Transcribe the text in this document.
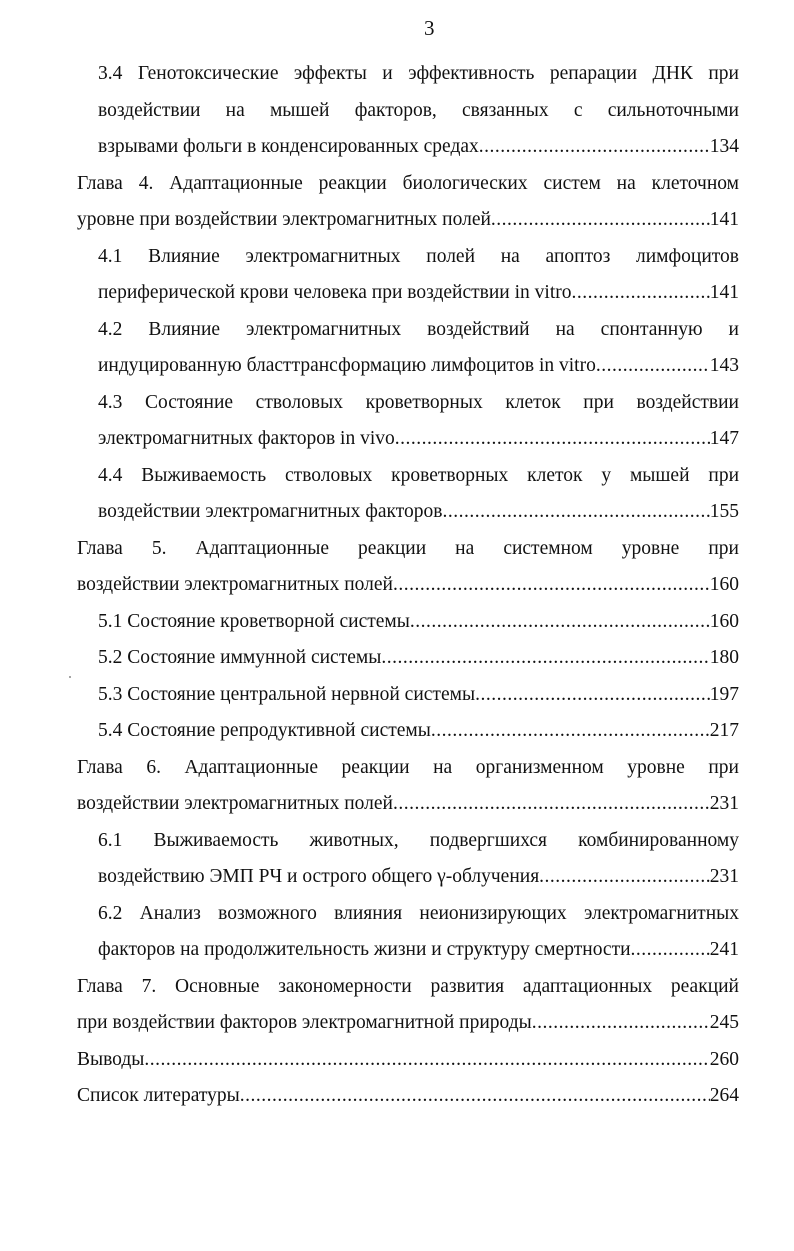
3
3.4 Генотоксические эффекты и эффективность репарации ДНК при
воздействии на мышей факторов, связанных с сильноточными
взрывами фольги в конденсированных средах .....	134
Глава 4. Адаптационные реакции биологических систем на клеточном
уровне при воздействии электромагнитных полей .....	141
4.1 Влияние электромагнитных полей на апоптоз лимфоцитов
периферической крови человека при воздействии in vitro .....	141
4.2 Влияние электромагнитных воздействий на спонтанную и
индуцированную бласттрансформацию лимфоцитов in vitro .....	143
4.3 Состояние стволовых кроветворных клеток при воздействии
электромагнитных факторов in vivo .....	147
4.4 Выживаемость стволовых кроветворных клеток у мышей при
воздействии электромагнитных факторов .....	155
Глава 5. Адаптационные реакции на системном уровне при
воздействии электромагнитных полей .....	160
5.1 Состояние кроветворной системы .....	160
5.2 Состояние иммунной системы .....	180
5.3 Состояние центральной нервной системы .....	197
5.4 Состояние репродуктивной системы .....	217
Глава 6. Адаптационные реакции на организменном уровне при
воздействии электромагнитных полей .....	231
6.1 Выживаемость животных, подвергшихся комбинированному
воздействию ЭМП РЧ и острого общего γ-облучения .....	231
6.2 Анализ возможного влияния неионизирующих электромагнитных
факторов на продолжительность жизни и структуру смертности .....	241
Глава 7. Основные закономерности развития адаптационных реакций
при воздействии факторов электромагнитной природы .....	245
Выводы .....	260
Список литературы .....	264
